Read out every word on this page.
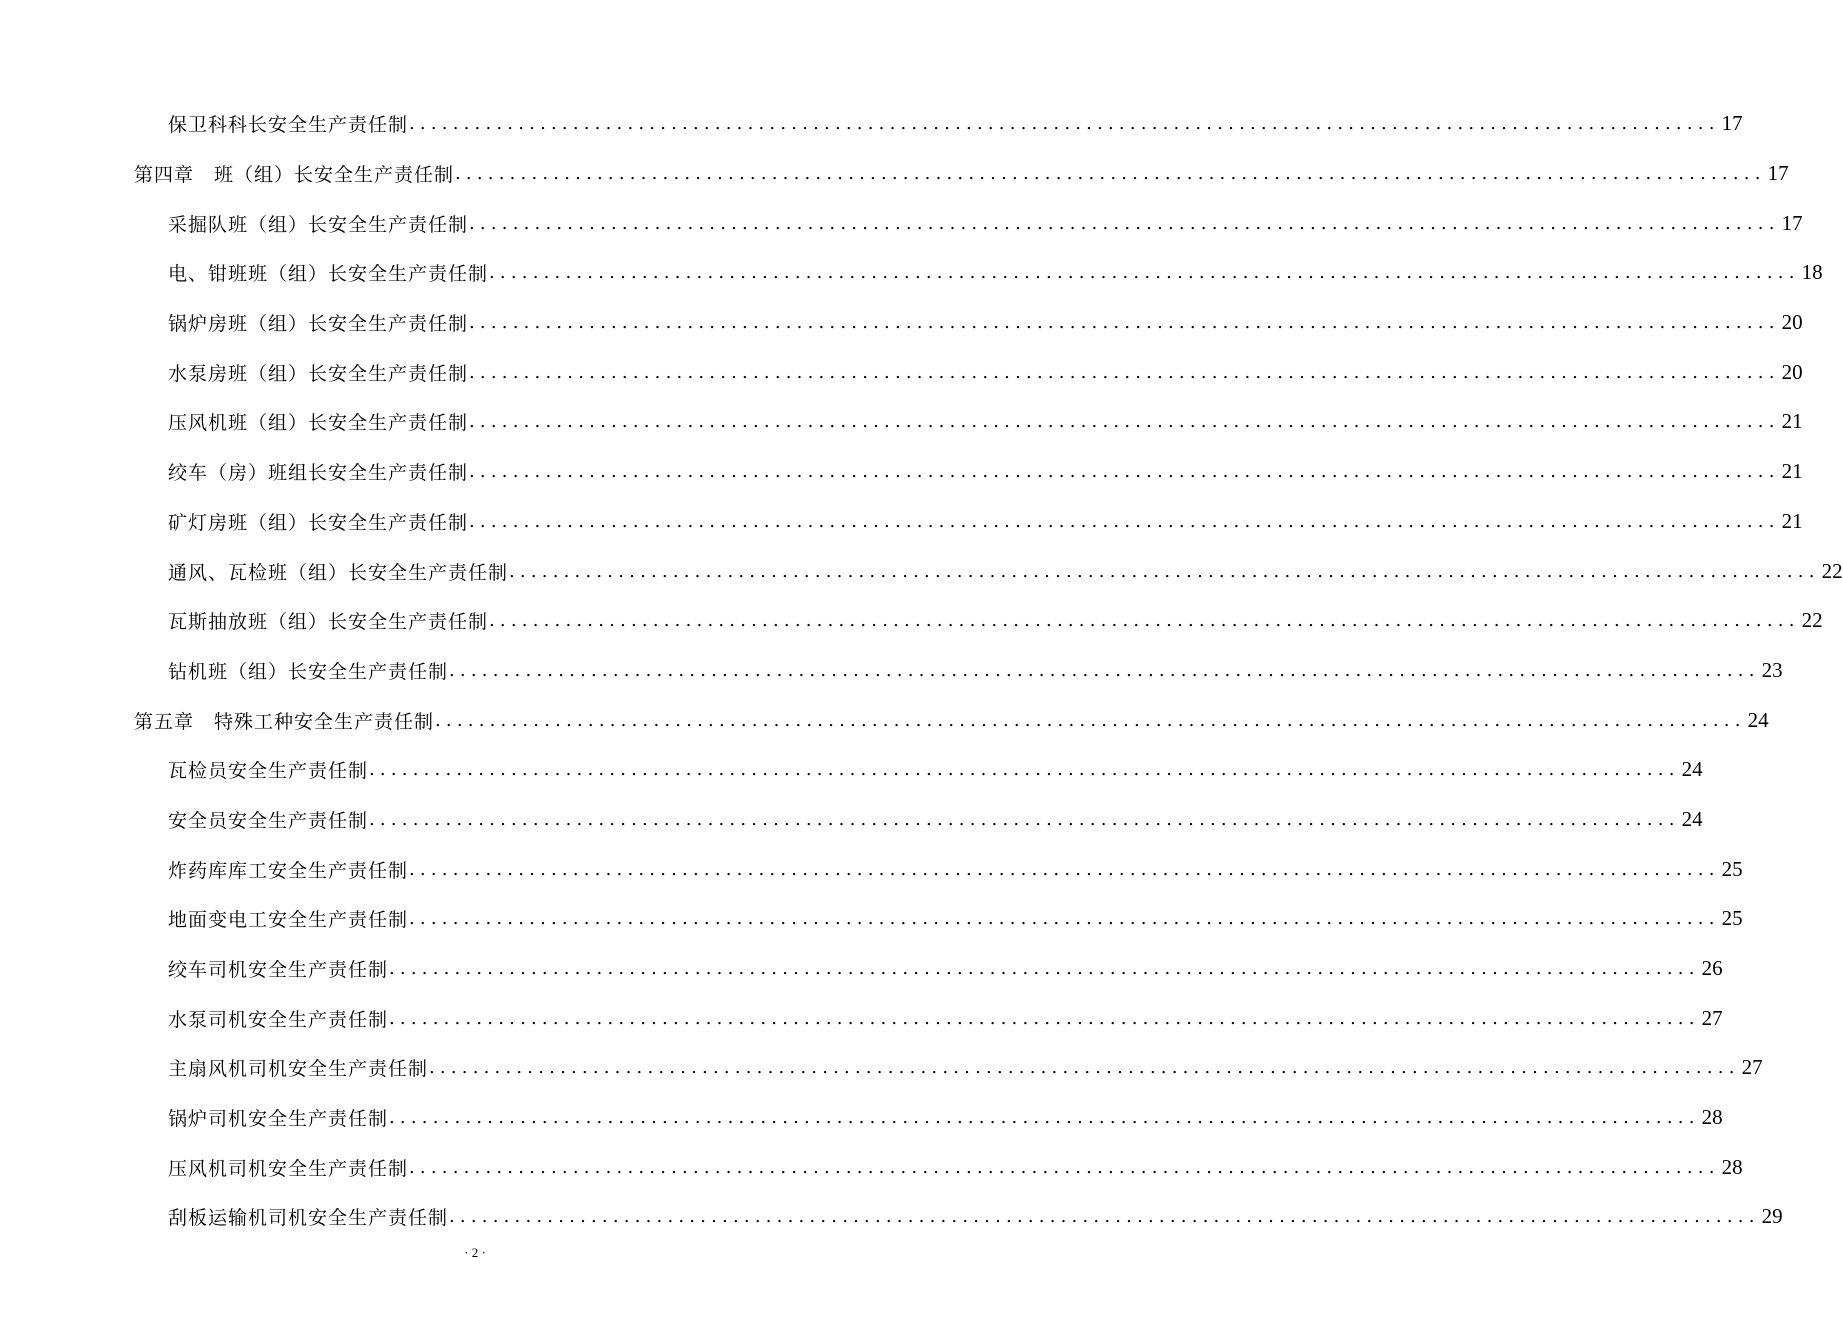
保卫科科长安全生产责任制 ........................................................................................................................ 17
第四章　班（组）长安全生产责任制 ........................................................................................................................ 17
采掘队班（组）长安全生产责任制 ........................................................................................................................ 17
电、钳班班（组）长安全生产责任制 ........................................................................................................................ 18
锅炉房班（组）长安全生产责任制 ........................................................................................................................ 20
水泵房班（组）长安全生产责任制 ........................................................................................................................ 20
压风机班（组）长安全生产责任制 ........................................................................................................................ 21
绞车（房）班组长安全生产责任制 ........................................................................................................................ 21
矿灯房班（组）长安全生产责任制 ........................................................................................................................ 21
通风、瓦检班（组）长安全生产责任制 ........................................................................................................................ 22
瓦斯抽放班（组）长安全生产责任制 ........................................................................................................................ 22
钻机班（组）长安全生产责任制 ........................................................................................................................ 23
第五章　特殊工种安全生产责任制 ........................................................................................................................ 24
瓦检员安全生产责任制 ........................................................................................................................ 24
安全员安全生产责任制 ........................................................................................................................ 24
炸药库库工安全生产责任制 ........................................................................................................................ 25
地面变电工安全生产责任制 ........................................................................................................................ 25
绞车司机安全生产责任制 ........................................................................................................................ 26
水泵司机安全生产责任制 ........................................................................................................................ 27
主扇风机司机安全生产责任制 ........................................................................................................................ 27
锅炉司机安全生产责任制 ........................................................................................................................ 28
压风机司机安全生产责任制 ........................................................................................................................ 28
刮板运输机司机安全生产责任制 ........................................................................................................................ 29
· 2 ·
